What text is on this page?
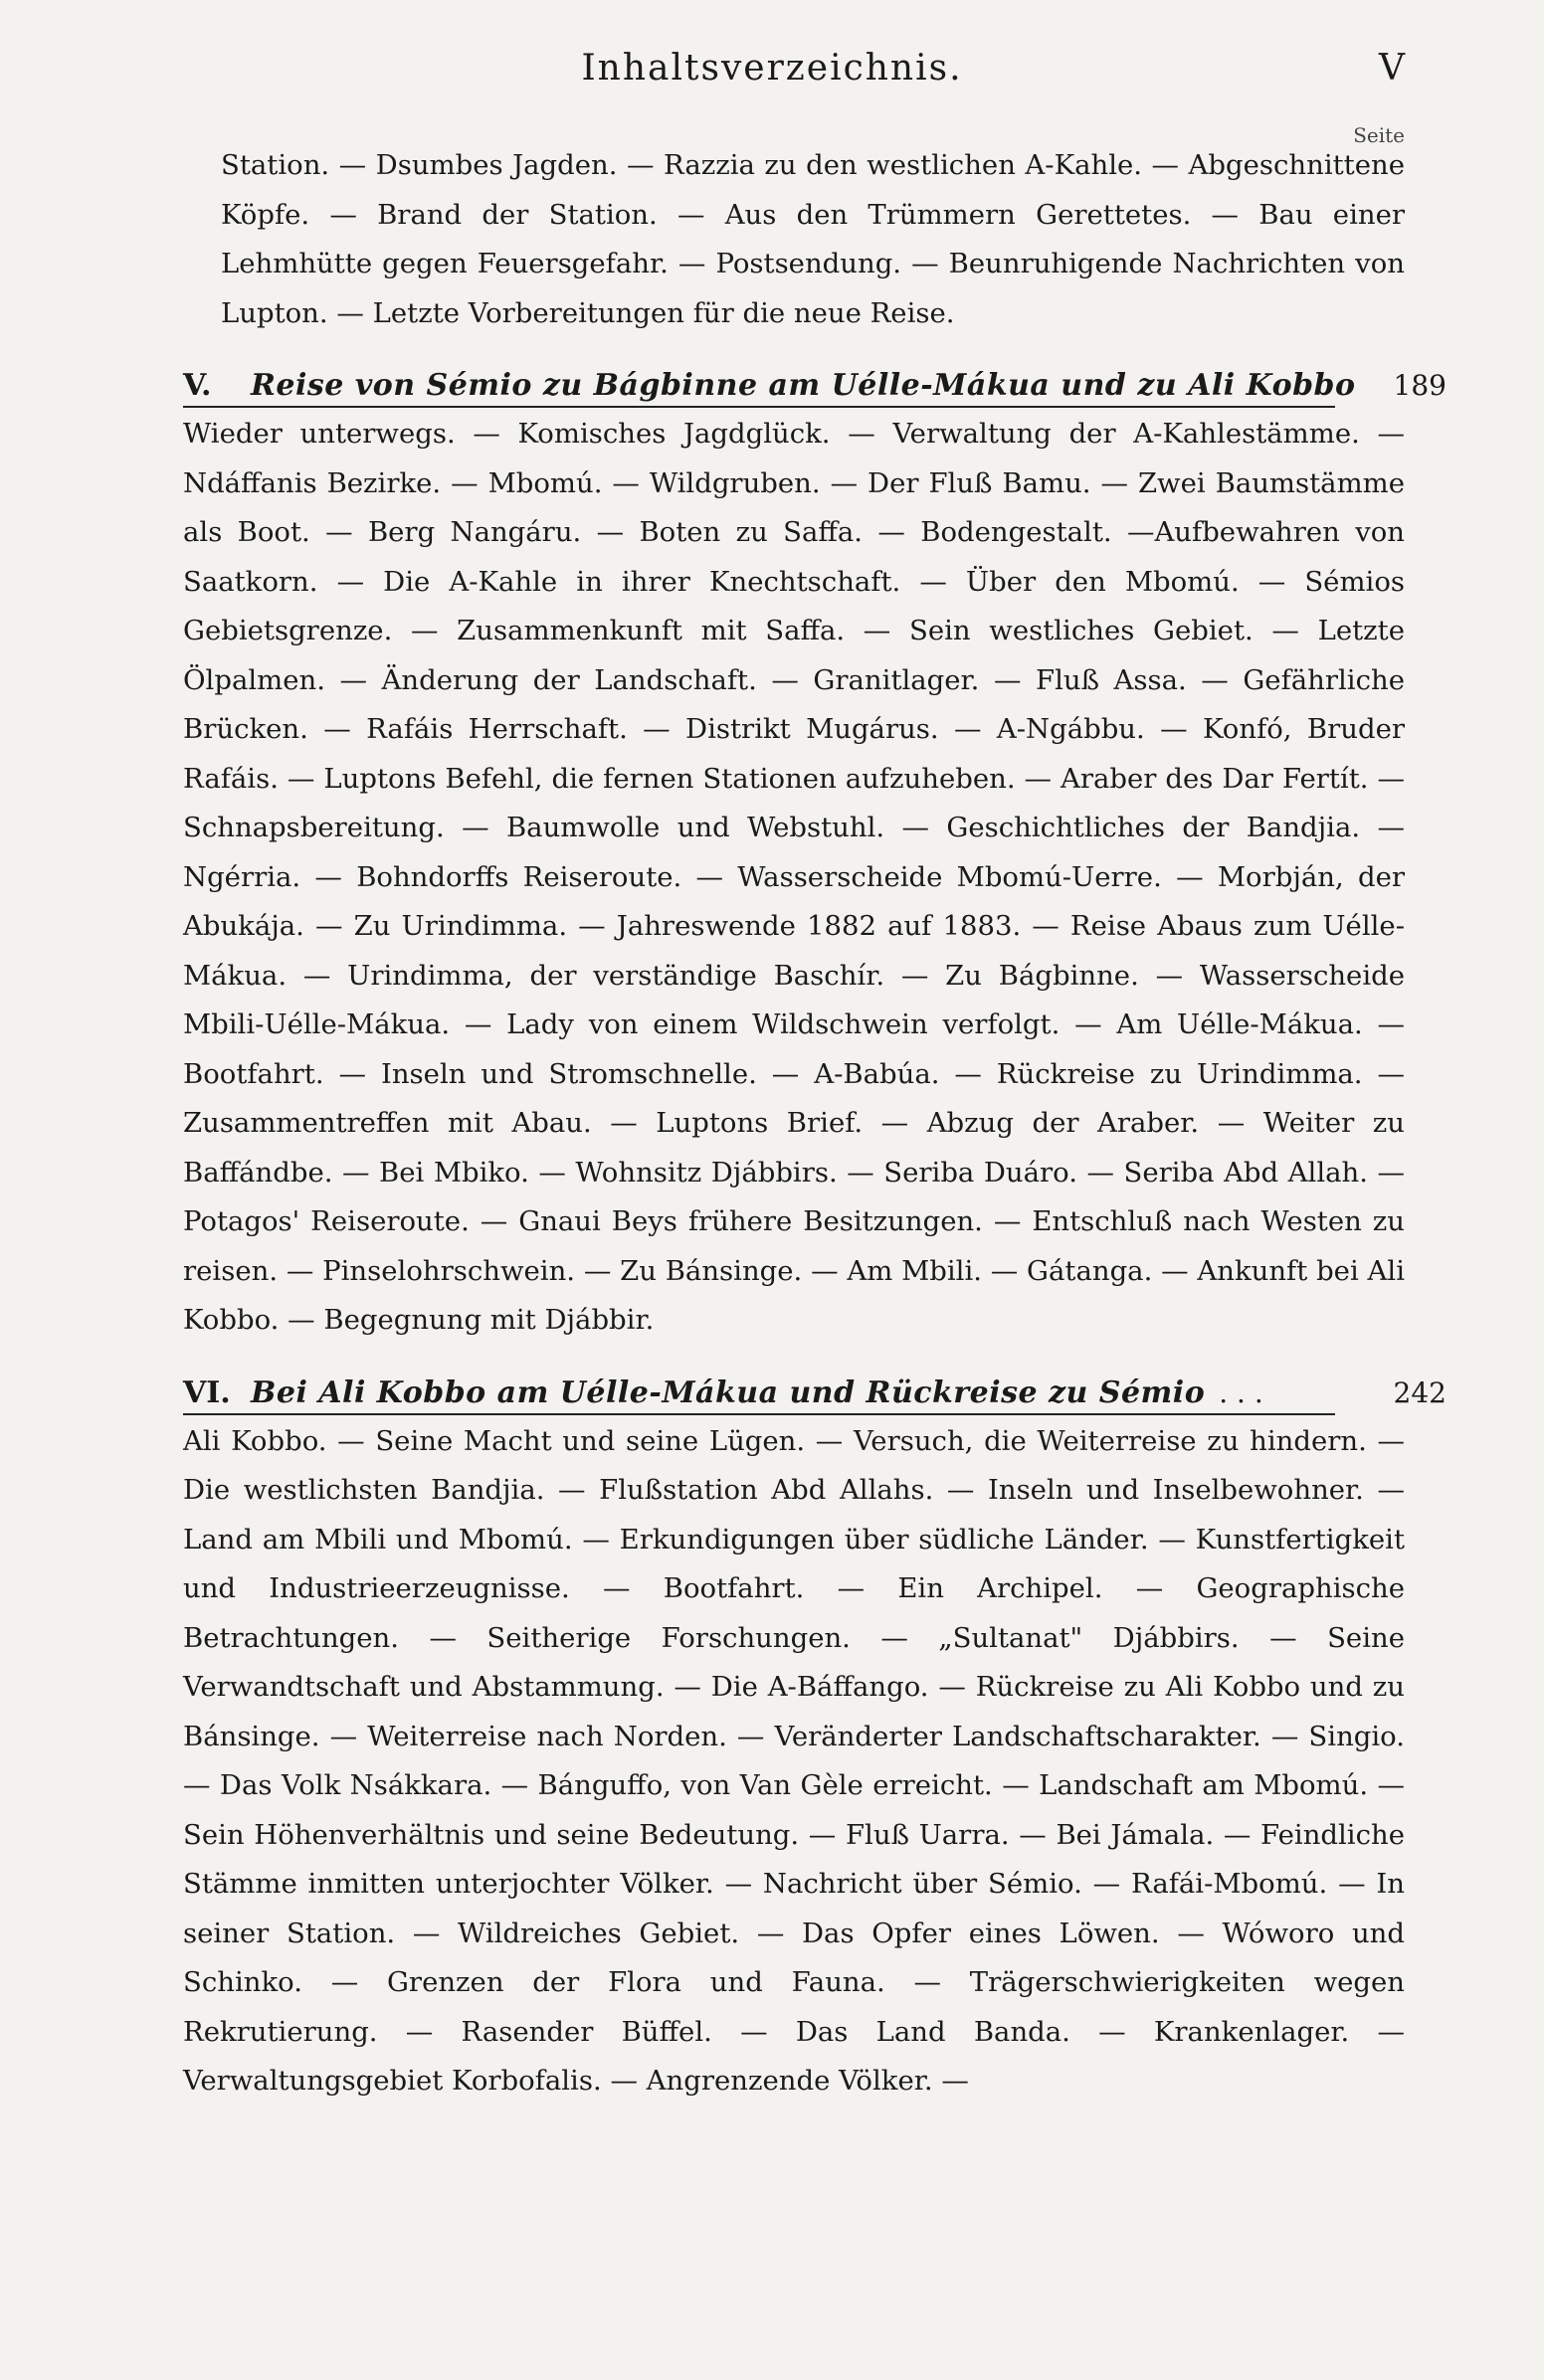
Inhaltsverzeichnis.	V
Seite
Station. — Dsumbes Jagden. — Razzia zu den westlichen A-Kahle. — Abgeschnittene Köpfe. — Brand der Station. — Aus den Trümmern Gerettetes. — Bau einer Lehmhütte gegen Feuersgefahr. — Postsendung. — Beunruhigende Nachrichten von Lupton. — Letzte Vorbereitungen für die neue Reise.
V.	Reise von Sémio zu Bágbinne am Uélle-Mákua und zu Ali Kobbo 189
Wieder unterwegs. — Komisches Jagdglück. — Verwaltung der A-Kahlestämme. — Ndáffanis Bezirke. — Mbomú. — Wildgruben. — Der Fluß Bamu. — Zwei Baumstämme als Boot. — Berg Nangáru. — Boten zu Saffa. — Bodengestalt. —Aufbewahren von Saatkorn. — Die A-Kahle in ihrer Knechtschaft. — Über den Mbomú. — Sémios Gebietsgrenze. — Zusammenkunft mit Saffa. — Sein westliches Gebiet. — Letzte Ölpalmen. — Änderung der Landschaft. — Granitlager. — Fluß Assa. — Gefährliche Brücken. — Rafáis Herrschaft. — Distrikt Mugárus. — A-Ngábbu. — Konfó, Bruder Rafáis. — Luptons Befehl, die fernen Stationen aufzuheben. — Araber des Dar Fertít. — Schnapsbereitung. — Baumwolle und Webstuhl. — Geschichtliches der Bandjia. — Ngérria. — Bohndorffs Reiseroute. — Wasserscheide Mbomú-Uerre. — Morbján, der Abukája. — Zu Urindimma. — Jahreswende 1882 auf 1883. — Reise Abaus zum Uélle-Mákua. — Urindimma, der verständige Baschír. — Zu Bágbinne. — Wasserscheide Mbili-Uélle-Mákua. — Lady von einem Wildschwein verfolgt. — Am Uélle-Mákua. — Bootfahrt. — Inseln und Stromschnelle. — A-Babúa. — Rückreise zu Urindimma. — Zusammentreffen mit Abau. — Luptons Brief. — Abzug der Araber. — Weiter zu Baffándbe. — Bei Mbiko. — Wohnsitz Djábbirs. — Seriba Duáro. — Seriba Abd Allah. — Potagos' Reiseroute. — Gnaui Beys frühere Besitzungen. — Entschluß nach Westen zu reisen. — Pinselohrschwein. — Zu Bánsinge. — Am Mbili. — Gátanga. — Ankunft bei Ali Kobbo. — Begegnung mit Djábbir.
VI. Bei Ali Kobbo am Uélle-Mákua und Rückreise zu Sémio . . .	242
Ali Kobbo. — Seine Macht und seine Lügen. — Versuch, die Weiterreise zu hindern. — Die westlichsten Bandjia. — Flußstation Abd Allahs. — Inseln und Inselbewohner. — Land am Mbili und Mbomú. — Erkundigungen über südliche Länder. — Kunstfertigkeit und Industrieerzeugnisse. — Bootfahrt. — Ein Archipel. — Geographische Betrachtungen. — Seitherige Forschungen. — „Sultanat" Djábbirs. — Seine Verwandtschaft und Abstammung. — Die A-Báffango. — Rückreise zu Ali Kobbo und zu Bánsinge. — Weiterreise nach Norden. — Veränderter Landschaftscharakter. — Singio. — Das Volk Nsákkara. — Bánguffo, von Van Gèle erreicht. — Landschaft am Mbomú. — Sein Höhenverhältnis und seine Bedeutung. — Fluß Uarra. — Bei Jámala. — Feindliche Stämme inmitten unterjochter Völker. — Nachricht über Sémio. — Rafái-Mbomú. — In seiner Station. — Wildreiches Gebiet. — Das Opfer eines Löwen. — Wóworo und Schinko. — Grenzen der Flora und Fauna. — Trägerschwierigkeiten wegen Rekrutierung. — Rasender Büffel. — Das Land Banda. — Krankenlager. — Verwaltungsgebiet Korbofalis. — Angrenzende Völker. —
